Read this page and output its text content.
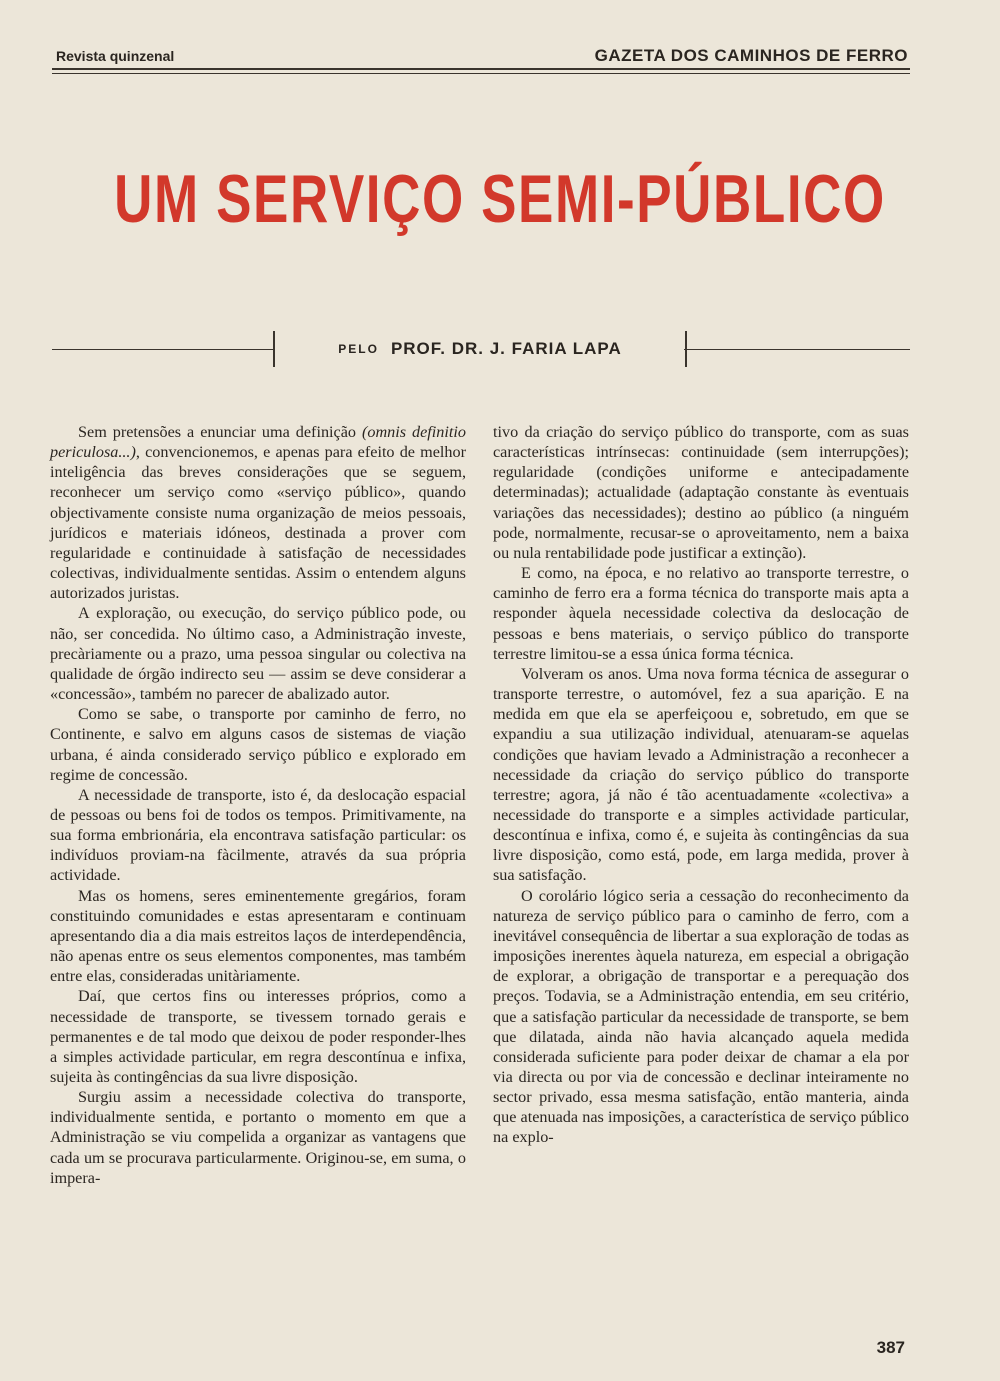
Revista quinzenal	GAZETA DOS CAMINHOS DE FERRO
UM SERVIÇO SEMI-PÚBLICO
PELO PROF. DR. J. FARIA LAPA

Sem pretensões a enunciar uma definição (omnis definitio periculosa...), convencionemos, e apenas para efeito de melhor inteligência das breves considerações que se seguem, reconhecer um serviço como «serviço público», quando objectivamente consiste numa organização de meios pessoais, jurídicos e materiais idóneos, destinada a prover com regularidade e continuidade à satisfação de necessidades colectivas, individualmente sentidas. Assim o entendem alguns autorizados juristas.

A exploração, ou execução, do serviço público pode, ou não, ser concedida. No último caso, a Administração investe, precàriamente ou a prazo, uma pessoa singular ou colectiva na qualidade de órgão indirecto seu — assim se deve considerar a «concessão», também no parecer de abalizado autor.

Como se sabe, o transporte por caminho de ferro, no Continente, e salvo em alguns casos de sistemas de viação urbana, é ainda considerado serviço público e explorado em regime de concessão.

A necessidade de transporte, isto é, da deslocação espacial de pessoas ou bens foi de todos os tempos. Primitivamente, na sua forma embrionária, ela encontrava satisfação particular: os indivíduos proviam-na fàcilmente, através da sua própria actividade.

Mas os homens, seres eminentemente gregários, foram constituindo comunidades e estas apresentaram e continuam apresentando dia a dia mais estreitos laços de interdependência, não apenas entre os seus elementos componentes, mas também entre elas, consideradas unitàriamente.

Daí, que certos fins ou interesses próprios, como a necessidade de transporte, se tivessem tornado gerais e permanentes e de tal modo que deixou de poder responder-lhes a simples actividade particular, em regra descontínua e infixa, sujeita às contingências da sua livre disposição.

Surgiu assim a necessidade colectiva do transporte, individualmente sentida, e portanto o momento em que a Administração se viu compelida a organizar as vantagens que cada um se procurava particularmente. Originou-se, em suma, o impera-

tivo da criação do serviço público do transporte, com as suas características intrínsecas: continuidade (sem interrupções); regularidade (condições uniforme e antecipadamente determinadas); actualidade (adaptação constante às eventuais variações das necessidades); destino ao público (a ninguém pode, normalmente, recusar-se o aproveitamento, nem a baixa ou nula rentabilidade pode justificar a extinção).

E como, na época, e no relativo ao transporte terrestre, o caminho de ferro era a forma técnica do transporte mais apta a responder àquela necessidade colectiva da deslocação de pessoas e bens materiais, o serviço público do transporte terrestre limitou-se a essa única forma técnica.

Volveram os anos. Uma nova forma técnica de assegurar o transporte terrestre, o automóvel, fez a sua aparição. E na medida em que ela se aperfeiçoou e, sobretudo, em que se expandiu a sua utilização individual, atenuaram-se aquelas condições que haviam levado a Administração a reconhecer a necessidade da criação do serviço público do transporte terrestre; agora, já não é tão acentuadamente «colectiva» a necessidade do transporte e a simples actividade particular, descontínua e infixa, como é, e sujeita às contingências da sua livre disposição, como está, pode, em larga medida, prover à sua satisfação.

O corolário lógico seria a cessação do reconhecimento da natureza de serviço público para o caminho de ferro, com a inevitável consequência de libertar a sua exploração de todas as imposições inerentes àquela natureza, em especial a obrigação de explorar, a obrigação de transportar e a perequação dos preços. Todavia, se a Administração entendia, em seu critério, que a satisfação particular da necessidade de transporte, se bem que dilatada, ainda não havia alcançado aquela medida considerada suficiente para poder deixar de chamar a ela por via directa ou por via de concessão e declinar inteiramente no sector privado, essa mesma satisfação, então manteria, ainda que atenuada nas imposições, a característica de serviço público na explo-

387
